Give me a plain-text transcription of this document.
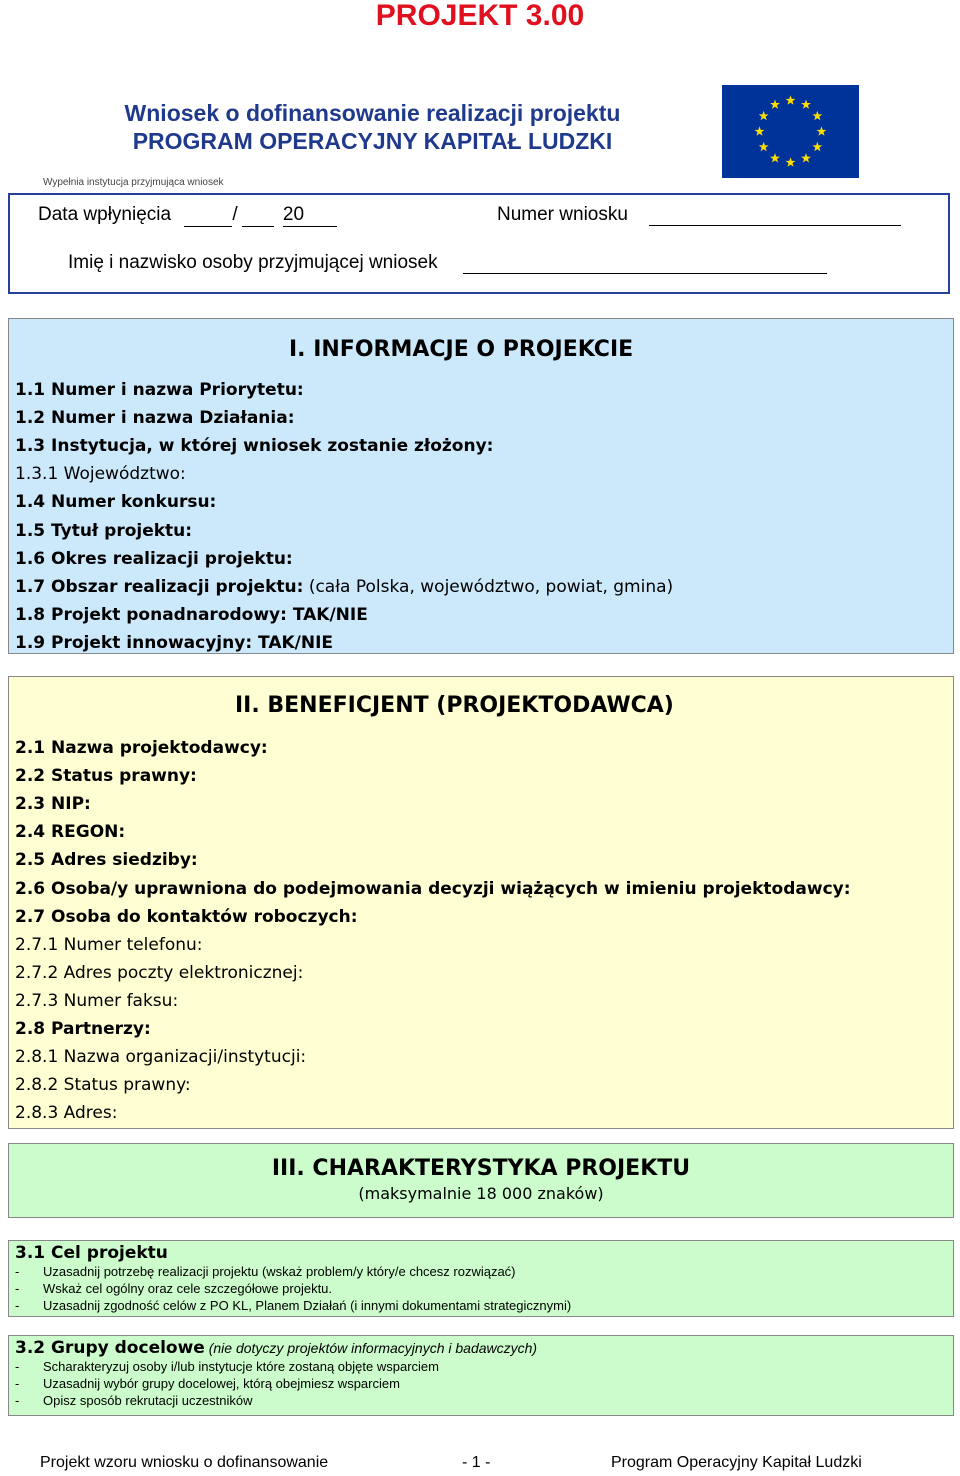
PROJEKT 3.00
Wniosek o dofinansowanie realizacji projektu
PROGRAM OPERACYJNY KAPITAŁ LUDZKI
Wypełnia instytucja przyjmująca wniosek
Data wpłynięcia	/ 20	Numer wniosku
Imię i nazwisko osoby przyjmującej wniosek
I. INFORMACJE O PROJEKCIE
1.1 Numer i nazwa Priorytetu:
1.2 Numer i nazwa Działania:
1.3 Instytucja, w której wniosek zostanie złożony:
1.3.1 Województwo:
1.4 Numer konkursu:
1.5 Tytuł projektu:
1.6 Okres realizacji projektu:
1.7 Obszar realizacji projektu: (cała Polska, województwo, powiat, gmina)
1.8 Projekt ponadnarodowy: TAK/NIE
1.9 Projekt innowacyjny: TAK/NIE
II. BENEFICJENT (PROJEKTODAWCA)
2.1 Nazwa projektodawcy:
2.2 Status prawny:
2.3 NIP:
2.4 REGON:
2.5 Adres siedziby:
2.6 Osoba/y uprawniona do podejmowania decyzji wiążących w imieniu projektodawcy:
2.7 Osoba do kontaktów roboczych:
2.7.1 Numer telefonu:
2.7.2 Adres poczty elektronicznej:
2.7.3 Numer faksu:
2.8 Partnerzy:
2.8.1 Nazwa organizacji/instytucji:
2.8.2 Status prawny:
2.8.3 Adres:
III. CHARAKTERYSTYKA PROJEKTU
(maksymalnie 18 000 znaków)
3.1 Cel projektu
- Uzasadnij potrzebę realizacji projektu (wskaż problem/y który/e chcesz rozwiązać)
- Wskaż cel ogólny oraz cele szczegółowe projektu.
- Uzasadnij zgodność celów z PO KL, Planem Działań (i innymi dokumentami strategicznymi)
3.2 Grupy docelowe (nie dotyczy projektów informacyjnych i badawczych)
- Scharakteryzuj osoby i/lub instytucje które zostaną objęte wsparciem
- Uzasadnij wybór grupy docelowej, którą obejmiesz wsparciem
- Opisz sposób rekrutacji uczestników
Projekt wzoru wniosku o dofinansowanie	- 1 -	Program Operacyjny Kapitał Ludzki
